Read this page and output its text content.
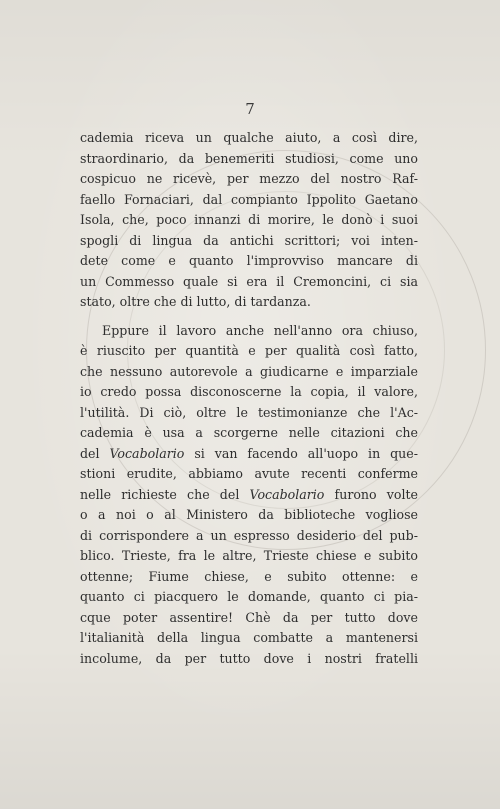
7
cademia riceva un qualche aiuto, a così dire,
straordinario, da benemeriti studiosi, come uno
cospicuo ne ricevè, per mezzo del nostro Raf-
faello Fornaciari, dal compianto Ippolito Gaetano
Isola, che, poco innanzi di morire, le donò i suoi
spogli di lingua da antichi scrittori; voi inten-
dete come e quanto l'improvviso mancare di
un Commesso quale si era il Cremoncini, ci sia
stato, oltre che di lutto, di tardanza.
Eppure il lavoro anche nell'anno ora chiuso,
è riuscito per quantità e per qualità così fatto,
che nessuno autorevole a giudicarne e imparziale
io credo possa disconoscerne la copia, il valore,
l'utilità. Di ciò, oltre le testimonianze che l'Ac-
cademia è usa a scorgerne nelle citazioni che
del Vocabolario si van facendo all'uopo in que-
stioni erudite, abbiamo avute recenti conferme
nelle richieste che del Vocabolario furono volte
o a noi o al Ministero da biblioteche vogliose
di corrispondere a un espresso desiderio del pub-
blico. Trieste, fra le altre, Trieste chiese e subito
ottenne; Fiume chiese, e subito ottenne: e
quanto ci piacquero le domande, quanto ci pia-
cque poter assentire! Chè da per tutto dove
l'italianità della lingua combatte a mantenersi
incolume, da per tutto dove i nostri fratelli
